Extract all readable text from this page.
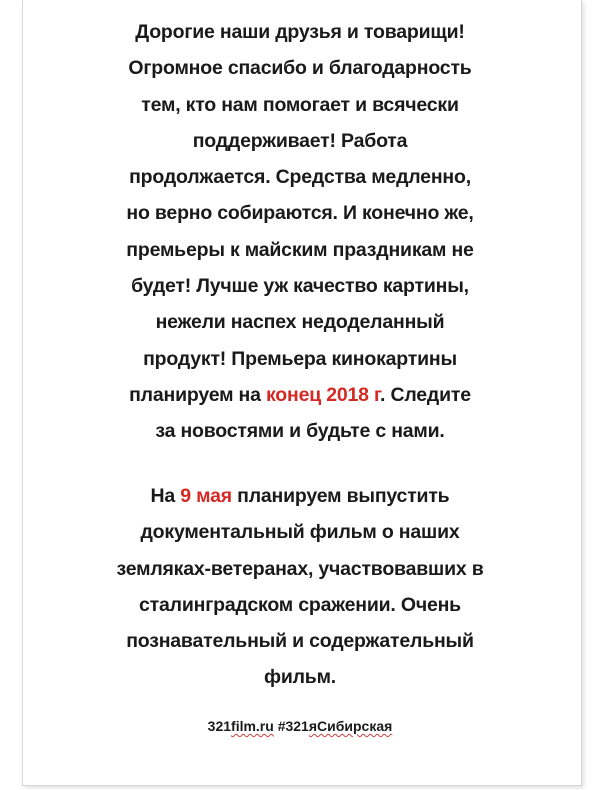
Дорогие наши друзья и товарищи!
Огромное спасибо и благодарность
тем, кто нам помогает и всячески
поддерживает! Работа
продолжается. Средства медленно,
но верно собираются. И конечно же,
премьеры к майским праздникам не
будет! Лучше уж качество картины,
нежели наспех недоделанный
продукт! Премьера кинокартины
планируем на конец 2018 г. Следите
за новостями и будьте с нами.
На 9 мая планируем выпустить
документальный фильм о наших
земляках-ветеранах, участвовавших в
сталинградском сражении. Очень
познавательный и содержательный
фильм.
321film.ru #321яСибирская
